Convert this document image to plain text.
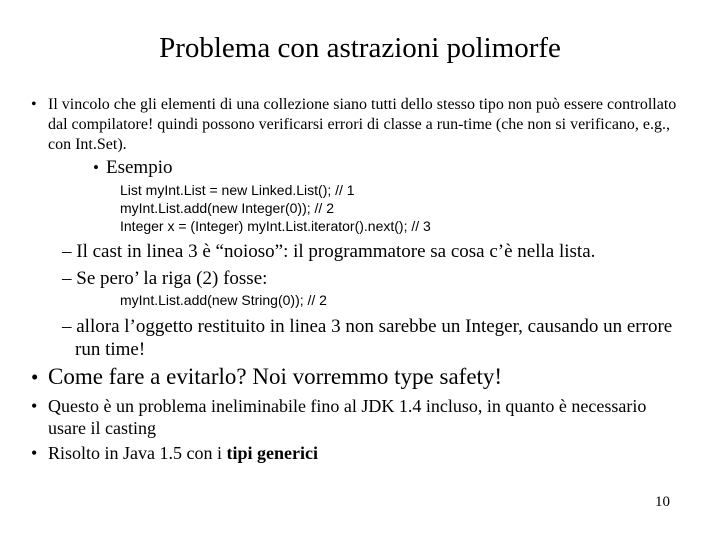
Problema con astrazioni polimorfe
• Il vincolo che gli elementi di una collezione siano tutti dello stesso tipo non può essere controllato dal compilatore! quindi possono verificarsi errori di classe a run-time (che non si verificano, e.g., con Int.Set).
• Esempio
List myInt.List = new Linked.List(); // 1
myInt.List.add(new Integer(0)); // 2
Integer x = (Integer) myInt.List.iterator().next(); // 3
– Il cast in linea 3 è “noioso”: il programmatore sa cosa c’è nella lista.
– Se pero’ la riga (2) fosse:
myInt.List.add(new String(0)); // 2
– allora l’oggetto restituito in linea 3 non sarebbe un Integer, causando un errore run time!
• Come fare a evitarlo? Noi vorremmo type safety!
• Questo è un problema ineliminabile fino al JDK 1.4 incluso, in quanto è necessario usare il casting
• Risolto in Java 1.5 con i tipi generici
10
